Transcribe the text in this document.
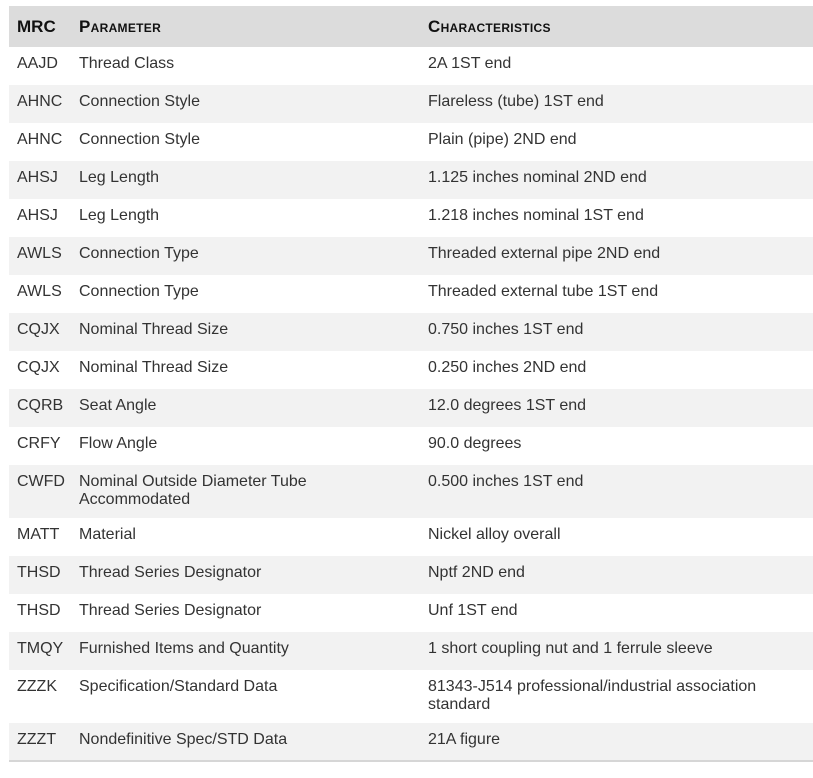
MRC	Parameter	Characteristics
AAJD	Thread Class	2A 1ST end
AHNC	Connection Style	Flareless (tube) 1ST end
AHNC	Connection Style	Plain (pipe) 2ND end
AHSJ	Leg Length	1.125 inches nominal 2ND end
AHSJ	Leg Length	1.218 inches nominal 1ST end
AWLS	Connection Type	Threaded external pipe 2ND end
AWLS	Connection Type	Threaded external tube 1ST end
CQJX	Nominal Thread Size	0.750 inches 1ST end
CQJX	Nominal Thread Size	0.250 inches 2ND end
CQRB	Seat Angle	12.0 degrees 1ST end
CRFY	Flow Angle	90.0 degrees
CWFD	Nominal Outside Diameter Tube Accommodated	0.500 inches 1ST end
MATT	Material	Nickel alloy overall
THSD	Thread Series Designator	Nptf 2ND end
THSD	Thread Series Designator	Unf 1ST end
TMQY	Furnished Items and Quantity	1 short coupling nut and 1 ferrule sleeve
ZZZK	Specification/Standard Data	81343-J514 professional/industrial association standard
ZZZT	Nondefinitive Spec/STD Data	21A figure
